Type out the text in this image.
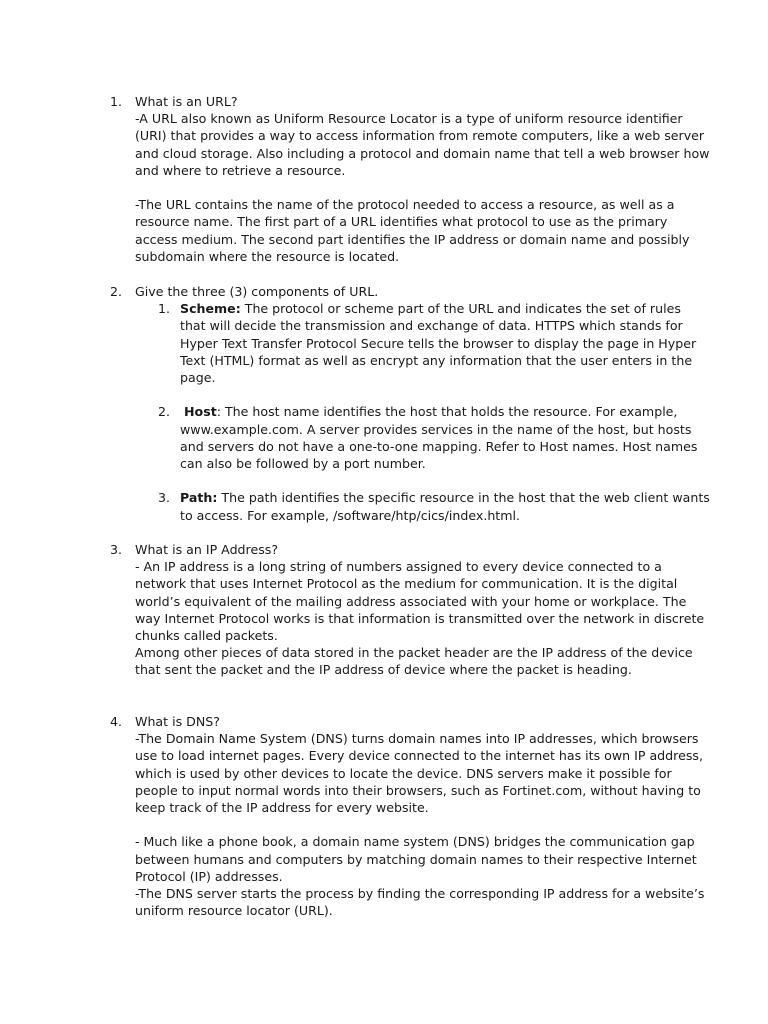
1. What is an URL?

-A URL also known as Uniform Resource Locator is a type of uniform resource identifier (URI) that provides a way to access information from remote computers, like a web server and cloud storage. Also including a protocol and domain name that tell a web browser how and where to retrieve a resource.

-The URL contains the name of the protocol needed to access a resource, as well as a resource name. The first part of a URL identifies what protocol to use as the primary access medium. The second part identifies the IP address or domain name and possibly subdomain where the resource is located.

2. Give the three (3) components of URL.

1. Scheme: The protocol or scheme part of the URL and indicates the set of rules that will decide the transmission and exchange of data. HTTPS which stands for Hyper Text Transfer Protocol Secure tells the browser to display the page in Hyper Text (HTML) format as well as encrypt any information that the user enters in the page.

2.	Host: The host name identifies the host that holds the resource. For example, www.example.com. A server provides services in the name of the host, but hosts and servers do not have a one-to-one mapping. Refer to Host names. Host names can also be followed by a port number.

3. Path: The path identifies the specific resource in the host that the web client wants to access. For example, /software/htp/cics/index.html.

3. What is an IP Address?

- An IP address is a long string of numbers assigned to every device connected to a network that uses Internet Protocol as the medium for communication. It is the digital world’s equivalent of the mailing address associated with your home or workplace. The way Internet Protocol works is that information is transmitted over the network in discrete chunks called packets.

Among other pieces of data stored in the packet header are the IP address of the device that sent the packet and the IP address of device where the packet is heading.

4. What is DNS?

-The Domain Name System (DNS) turns domain names into IP addresses, which browsers use to load internet pages. Every device connected to the internet has its own IP address, which is used by other devices to locate the device. DNS servers make it possible for people to input normal words into their browsers, such as Fortinet.com, without having to keep track of the IP address for every website.

- Much like a phone book, a domain name system (DNS) bridges the communication gap between humans and computers by matching domain names to their respective Internet Protocol (IP) addresses.

-The DNS server starts the process by finding the corresponding IP address for a website’s uniform resource locator (URL).
